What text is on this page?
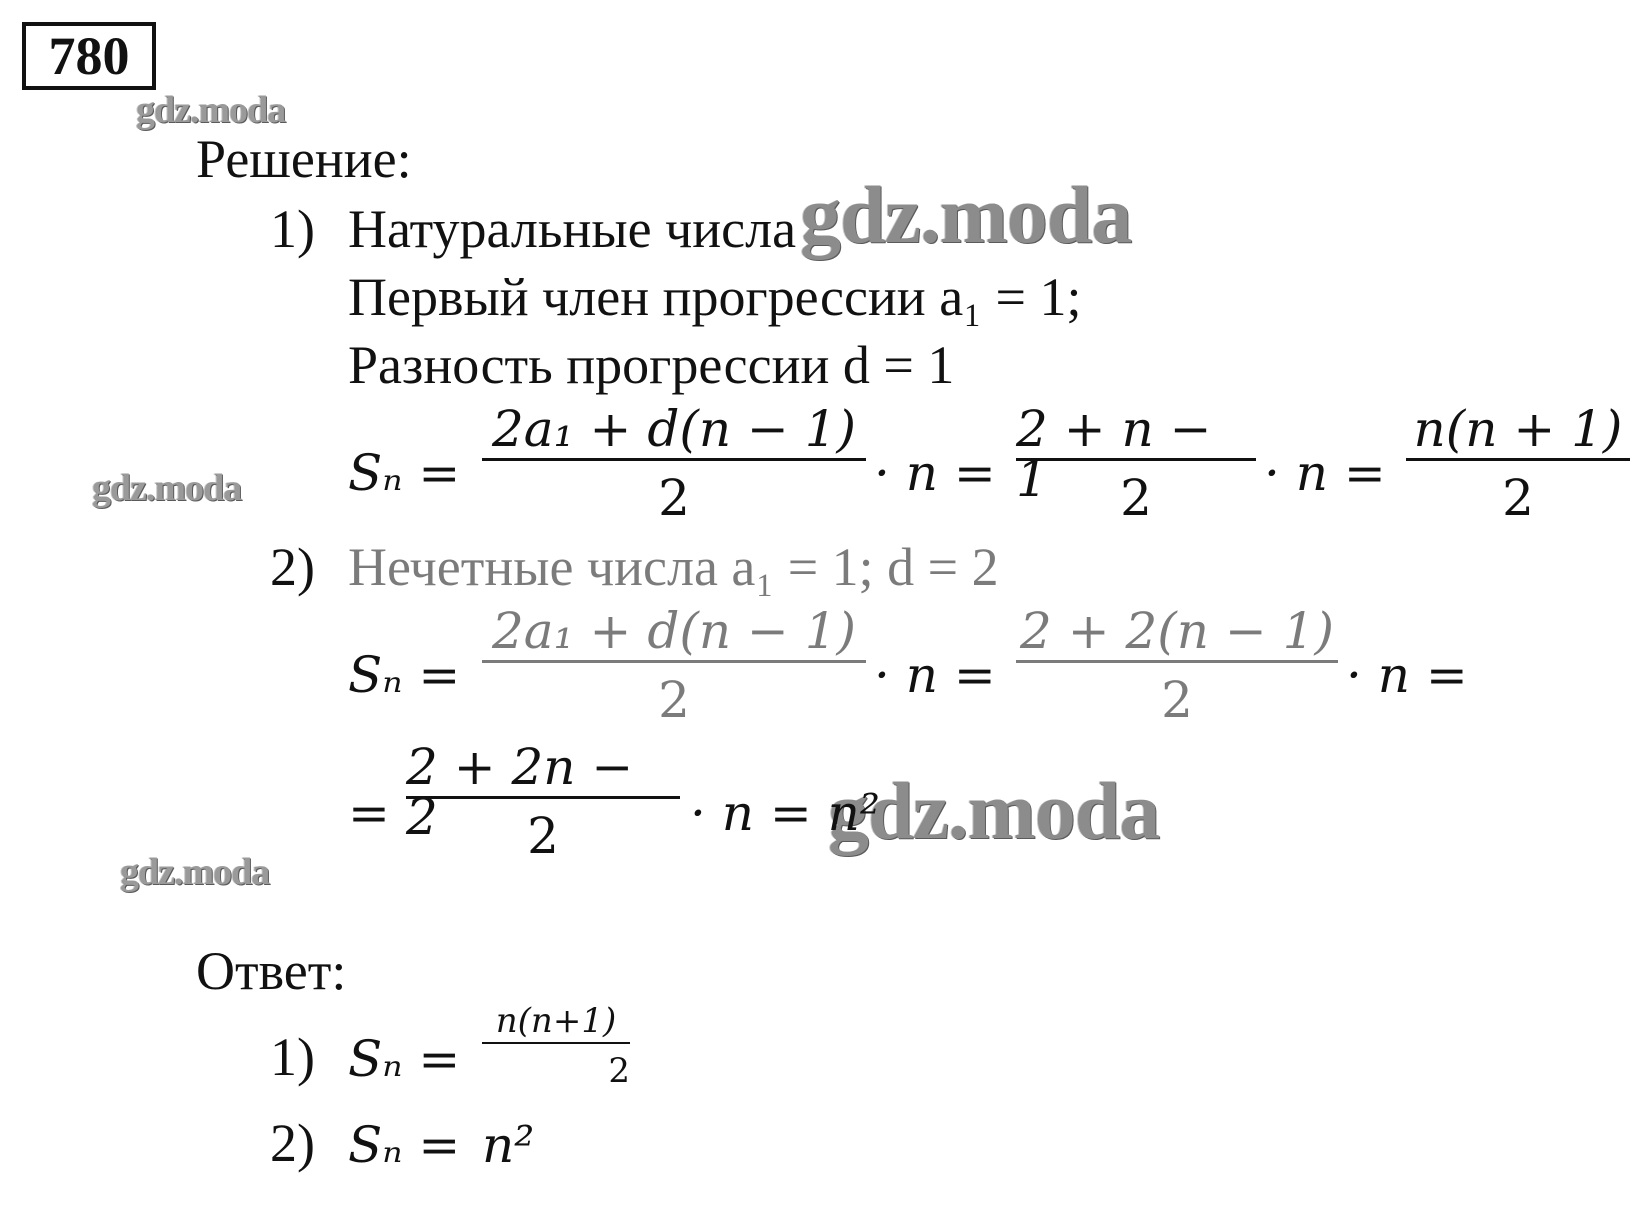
780
gdz.moda
gdz.moda
gdz.moda
gdz.moda
gdz.moda
Решение:
1) Натуральные числа
Первый член прогрессии a₁ = 1;
Разность прогрессии d = 1
Sₙ =
2a₁ + d(n − 1)
2	· n =
2 + n − 1	2 · n =
n(n + 1)
2
2) Нечетные числа a₁ = 1; d = 2
Sₙ =
2a₁ + d(n − 1)
2	· n =
2 + 2(n − 1)
2	· n =
=
2 + 2n − 2	2	· n = n²
Ответ:
1) Sₙ =
n(n+1)
2
2) Sₙ = n²
